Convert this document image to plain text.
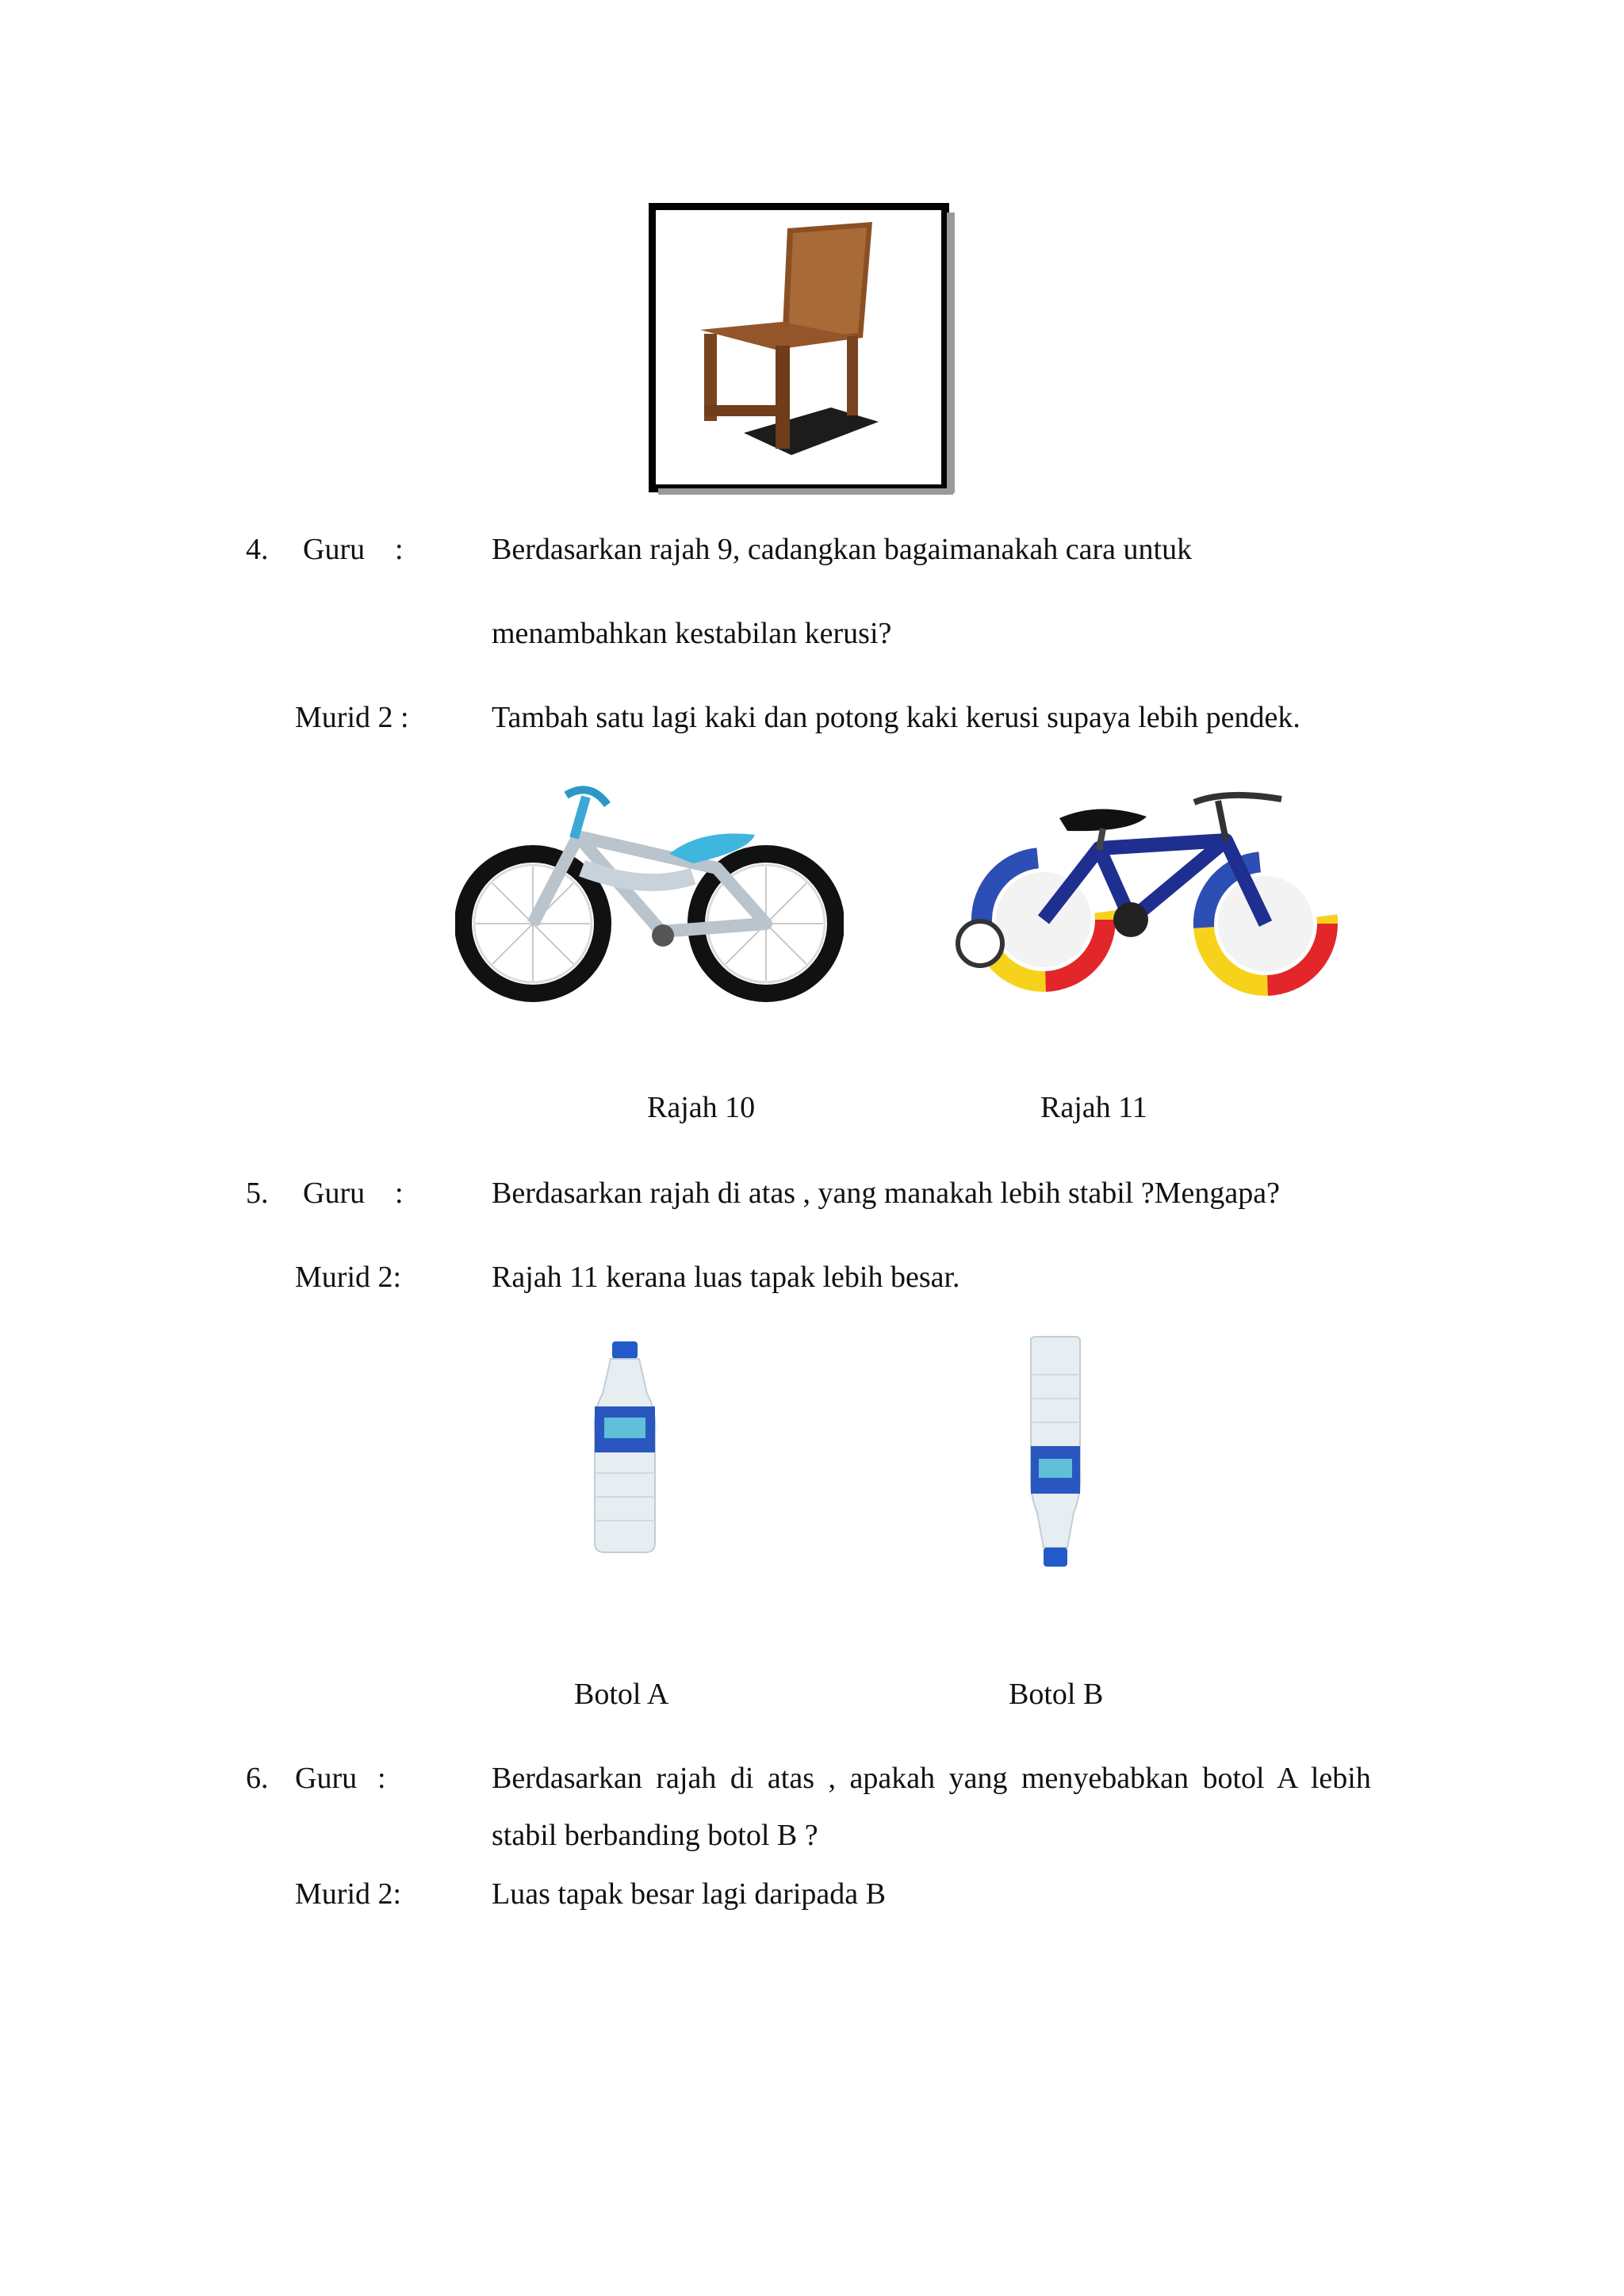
4. Guru :	Berdasarkan rajah 9, cadangkan bagaimanakah cara untuk
menambahkan kestabilan kerusi?
Murid 2 :	Tambah satu lagi kaki dan potong kaki kerusi supaya lebih pendek.
Rajah 10	Rajah 11
5. Guru :	Berdasarkan rajah di atas , yang manakah lebih stabil ?Mengapa?
Murid 2:	Rajah 11 kerana luas tapak lebih besar.
Botol A	Botol B
6. Guru :	Berdasarkan rajah di atas , apakah yang menyebabkan botol A lebih
stabil berbanding botol B ?
Murid 2:	Luas tapak besar lagi daripada B
